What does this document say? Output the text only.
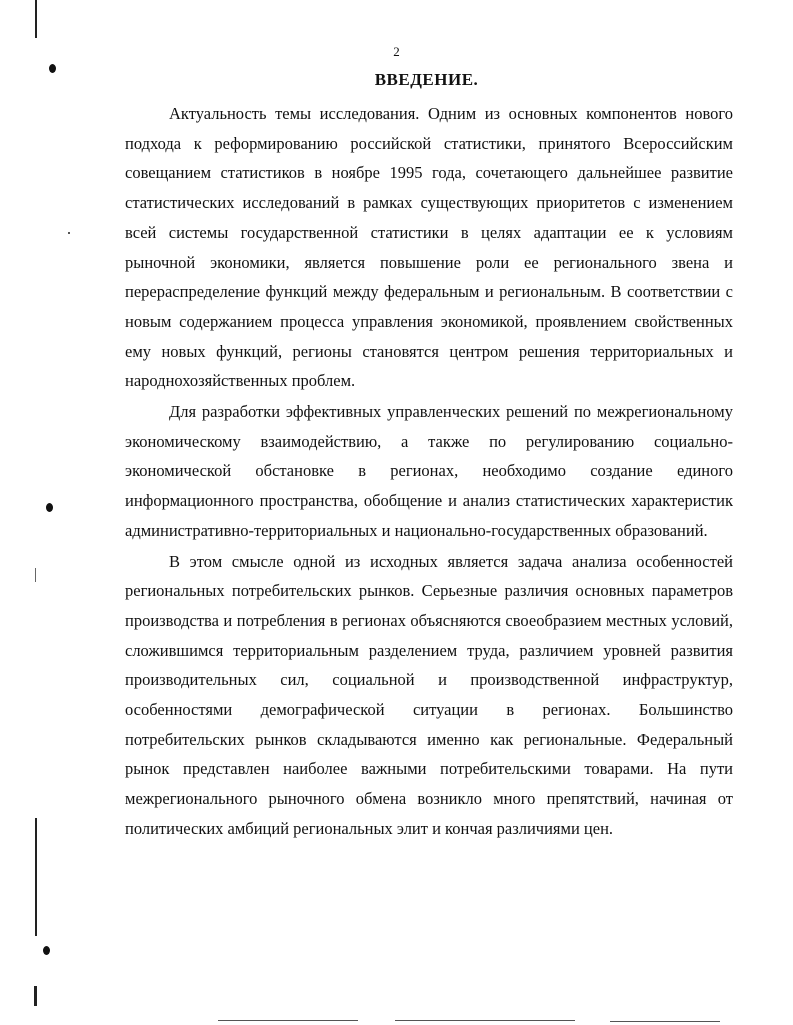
2
ВВЕДЕНИЕ.

Актуальность темы исследования. Одним из основных компонентов нового подхода к реформированию российской статистики, принятого Всероссийским совещанием статистиков в ноябре 1995 года, сочетающего дальнейшее развитие статистических исследований в рамках существующих приоритетов с изменением всей системы государственной статистики в целях адаптации ее к условиям рыночной экономики, является повышение роли ее регионального звена и перераспределение функций между федеральным и региональным. В соответствии с новым содержанием процесса управления экономикой, проявлением свойственных ему новых функций, регионы становятся центром решения территориальных и народнохозяйственных проблем.

Для разработки эффективных управленческих решений по межрегиональному экономическому взаимодействию, а также по регулированию социально-экономической обстановке в регионах, необходимо создание единого информационного пространства, обобщение и анализ статистических характеристик административно-территориальных и национально-государственных образований.

В этом смысле одной из исходных является задача анализа особенностей региональных потребительских рынков. Серьезные различия основных параметров производства и потребления в регионах объясняются своеобразием местных условий, сложившимся территориальным разделением труда, различием уровней развития производительных сил, социальной и производственной инфраструктур, особенностями демографической ситуации в регионах. Большинство потребительских рынков складываются именно как региональные. Федеральный рынок представлен наиболее важными потребительскими товарами. На пути межрегионального рыночного обмена возникло много препятствий, начиная от политических амбиций региональных элит и кончая различиями цен.
